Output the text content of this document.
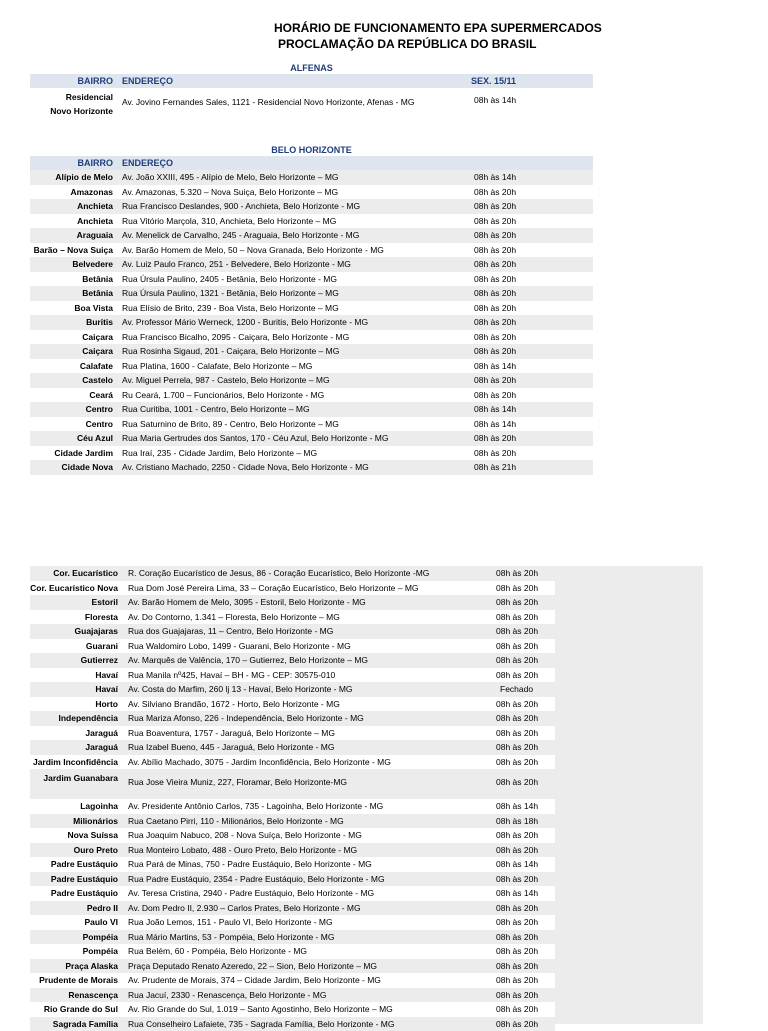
HORÁRIO DE FUNCIONAMENTO EPA SUPERMERCADOS
PROCLAMAÇÃO DA REPÚBLICA DO BRASIL
ALFENAS
BAIRRO ENDEREÇO	SEX. 15/11
Residencial
Novo Horizonte
Av. Jovino Fernandes Sales, 1121 - Residencial Novo Horizonte, Afenas - MG	08h às 14h
BELO HORIZONTE
BAIRRO ENDEREÇO
Alípio de Melo Av. João XXIII, 495 - Alípio de Melo, Belo Horizonte – MG	08h às 14h
Amazonas Av. Amazonas, 5.320 – Nova Suiça, Belo Horizonte – MG	08h às 20h
Anchieta Rua Francisco Deslandes, 900 - Anchieta, Belo Horizonte - MG	08h às 20h
Anchieta Rua Vitório Marçola, 310, Anchieta, Belo Horizonte – MG	08h às 20h
Araguaia Av. Menelick de Carvalho, 245 - Araguaia, Belo Horizonte - MG	08h às 20h
Barão – Nova Suiça Av. Barão Homem de Melo, 50 – Nova Granada, Belo Horizonte - MG	08h às 20h
Belvedere Av. Luiz Paulo Franco, 251 - Belvedere, Belo Horizonte - MG	08h às 20h
Betânia Rua Úrsula Paulino, 2405 - Betânia, Belo Horizonte - MG	08h às 20h
Betânia Rua Úrsula Paulino, 1321 - Betânia, Belo Horizonte – MG	08h às 20h
Boa Vista Rua Elísio de Brito, 239 - Boa Vista, Belo Horizonte – MG	08h às 20h
Buritis Av. Professor Mário Werneck, 1200 - Buritis, Belo Horizonte - MG	08h às 20h
Caiçara Rua Francisco Bicalho, 2095 - Caiçara, Belo Horizonte - MG	08h às 20h
Caiçara Rua Rosinha Sigaud, 201 - Caiçara, Belo Horizonte – MG	08h às 20h
Calafate Rua Platina, 1600 - Calafate, Belo Horizonte – MG	08h às 14h
Castelo Av. Miguel Perrela, 987 - Castelo, Belo Horizonte – MG	08h às 20h
Ceará Ru Ceará, 1.700 – Funcionários, Belo Horizonte - MG	08h às 20h
Centro Rua Curitiba, 1001 - Centro, Belo Horizonte – MG	08h às 14h
Centro Rua Saturnino de Brito, 89 - Centro, Belo Horizonte – MG	08h às 14h
Céu Azul Rua Maria Gertrudes dos Santos, 170 - Céu Azul, Belo Horizonte - MG	08h às 20h
Cidade Jardim Rua Iraí, 235 - Cidade Jardim, Belo Horizonte – MG	08h às 20h
Cidade Nova Av. Cristiano Machado, 2250 - Cidade Nova, Belo Horizonte - MG	08h às 21h
Cor. Eucarístico R. Coração Eucarístico de Jesus, 86 - Coração Eucarístico, Belo Horizonte -MG	08h às 20h
Cor. Eucarístico Nova Rua Dom José Pereira Lima, 33 – Coração Eucarístico, Belo Horizonte – MG	08h às 20h
Estoril Av. Barão Homem de Melo, 3095 - Estoril, Belo Horizonte - MG	08h às 20h
Floresta Av. Do Contorno, 1.341 – Floresta, Belo Horizonte – MG	08h às 20h
Guajajaras Rua dos Guajajaras, 11 – Centro, Belo Horizonte - MG	08h às 20h
Guarani Rua Waldomiro Lobo, 1499 - Guarani, Belo Horizonte - MG	08h às 20h
Gutierrez Av. Marquês de Valência, 170 – Gutierrez, Belo Horizonte – MG	08h às 20h
Havaí Rua Manila nº425, Havaí – BH - MG - CEP: 30575-010	08h às 20h
Havaí Av. Costa do Marfim, 260 lj 13 - Havaí, Belo Horizonte - MG	Fechado
Horto Av. Silviano Brandão, 1672 - Horto, Belo Horizonte - MG	08h às 20h
Independência Rua Mariza Afonso, 226 - Independência, Belo Horizonte - MG	08h às 20h
Jaraguá Rua Boaventura, 1757 - Jaraguá, Belo Horizonte – MG	08h às 20h
Jaraguá Rua Izabel Bueno, 445 - Jaraguá, Belo Horizonte - MG	08h às 20h
Jardim Inconfidência Av. Abílio Machado, 3075 - Jardim Inconfidência, Belo Horizonte - MG	08h às 20h
Jardim Guanabara Rua Jose Vieira Muniz, 227, Floramar, Belo Horizonte-MG	08h às 20h
Lagoinha Av. Presidente Antônio Carlos, 735 - Lagoinha, Belo Horizonte - MG	08h às 14h
Milionários Rua Caetano Pirri, 110 - Milionários, Belo Horizonte - MG	08h às 18h
Nova Suíssa Rua Joaquim Nabuco, 208 - Nova Suíça, Belo Horizonte - MG	08h às 20h
Ouro Preto Rua Monteiro Lobato, 488 - Ouro Preto, Belo Horizonte - MG	08h às 20h
Padre Eustáquio Rua Pará de Minas, 750 - Padre Eustáquio, Belo Horizonte - MG	08h às 14h
Padre Eustáquio Rua Padre Eustáquio, 2354 - Padre Eustáquio, Belo Horizonte - MG	08h às 20h
Padre Eustáquio Av. Teresa Cristina, 2940 - Padre Eustáquio, Belo Horizonte - MG	08h às 14h
Pedro II Av. Dom Pedro II, 2.930 – Carlos Prates, Belo Horizonte - MG	08h às 20h
Paulo VI Rua João Lemos, 151 - Paulo VI, Belo Horizonte - MG	08h às 20h
Pompéia Rua Mário Martins, 53 - Pompéia, Belo Horizonte - MG	08h às 20h
Pompéia Rua Belém, 60 - Pompéia, Belo Horizonte - MG	08h às 20h
Praça Alaska Praça Deputado Renato Azeredo, 22 – Sion, Belo Horizonte – MG	08h às 20h
Prudente de Morais Av. Prudente de Morais, 374 – Cidade Jardim, Belo Horizonte - MG	08h às 20h
Renascença Rua Jacuí, 2330 - Renascença, Belo Horizonte - MG	08h às 20h
Rio Grande do Sul Av. Rio Grande do Sul, 1.019 – Santo Agostinho, Belo Horizonte – MG	08h às 20h
Sagrada Família Rua Conselheiro Lafaiete, 735 - Sagrada Família, Belo Horizonte - MG	08h às 20h
